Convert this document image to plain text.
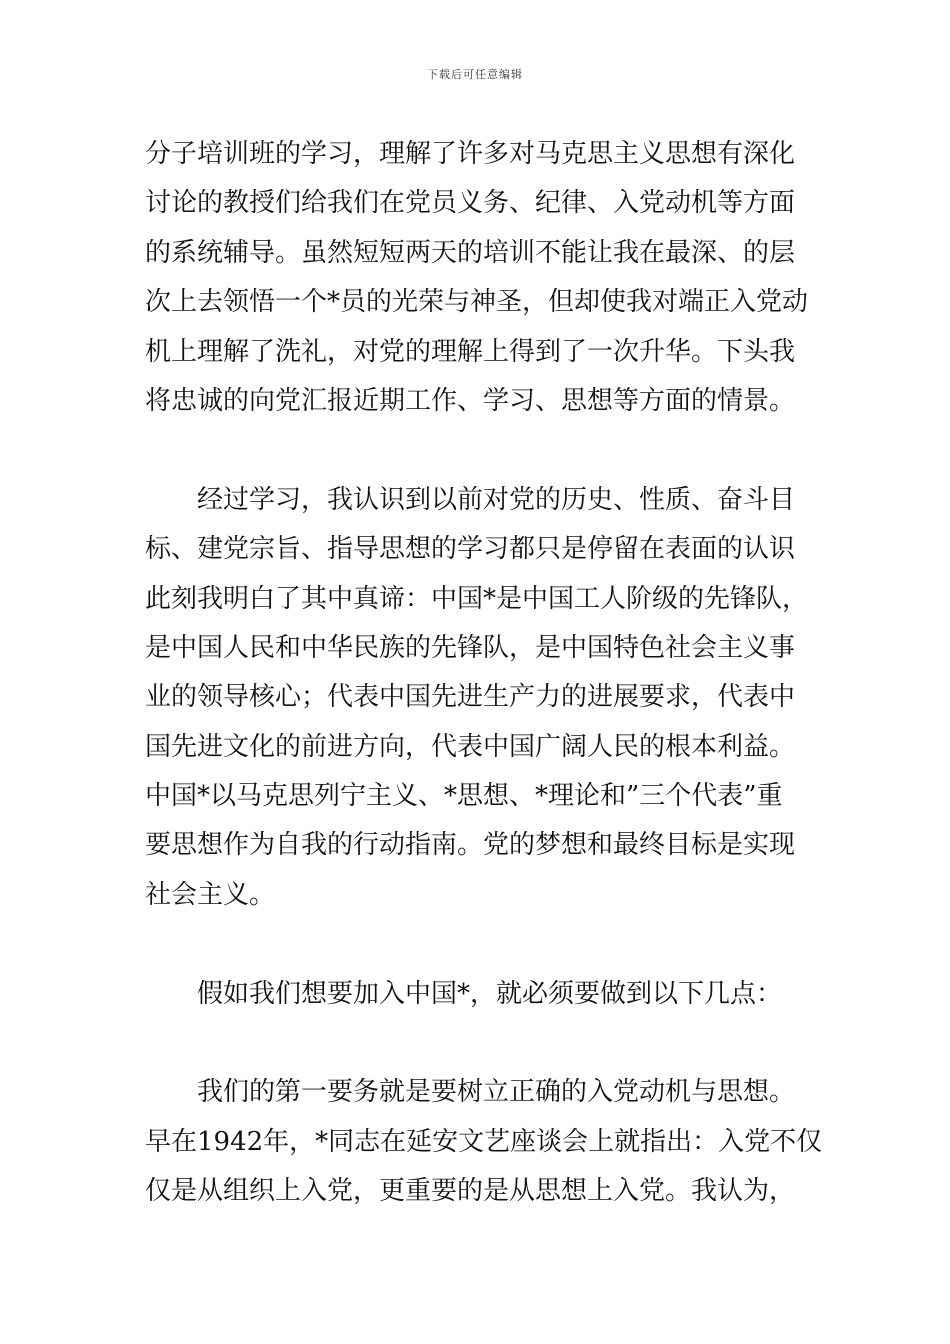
下载后可任意编辑
分子培训班的学习，理解了许多对马克思主义思想有深化
讨论的教授们给我们在党员义务、纪律、入党动机等方面
的系统辅导。虽然短短两天的培训不能让我在最深、的层
次上去领悟一个*员的光荣与神圣，但却使我对端正入党动
机上理解了洗礼，对党的理解上得到了一次升华。下头我
将忠诚的向党汇报近期工作、学习、思想等方面的情景。
　　经过学习，我认识到以前对党的历史、性质、奋斗目
标、建党宗旨、指导思想的学习都只是停留在表面的认识
此刻我明白了其中真谛：中国*是中国工人阶级的先锋队，
是中国人民和中华民族的先锋队，是中国特色社会主义事
业的领导核心；代表中国先进生产力的进展要求，代表中
国先进文化的前进方向，代表中国广阔人民的根本利益。
中国*以马克思列宁主义、*思想、*理论和”三个代表”重
要思想作为自我的行动指南。党的梦想和最终目标是实现
社会主义。
　　假如我们想要加入中国*，就必须要做到以下几点：
　　我们的第一要务就是要树立正确的入党动机与思想。
早在1942年，*同志在延安文艺座谈会上就指出：入党不仅
仅是从组织上入党，更重要的是从思想上入党。我认为，
